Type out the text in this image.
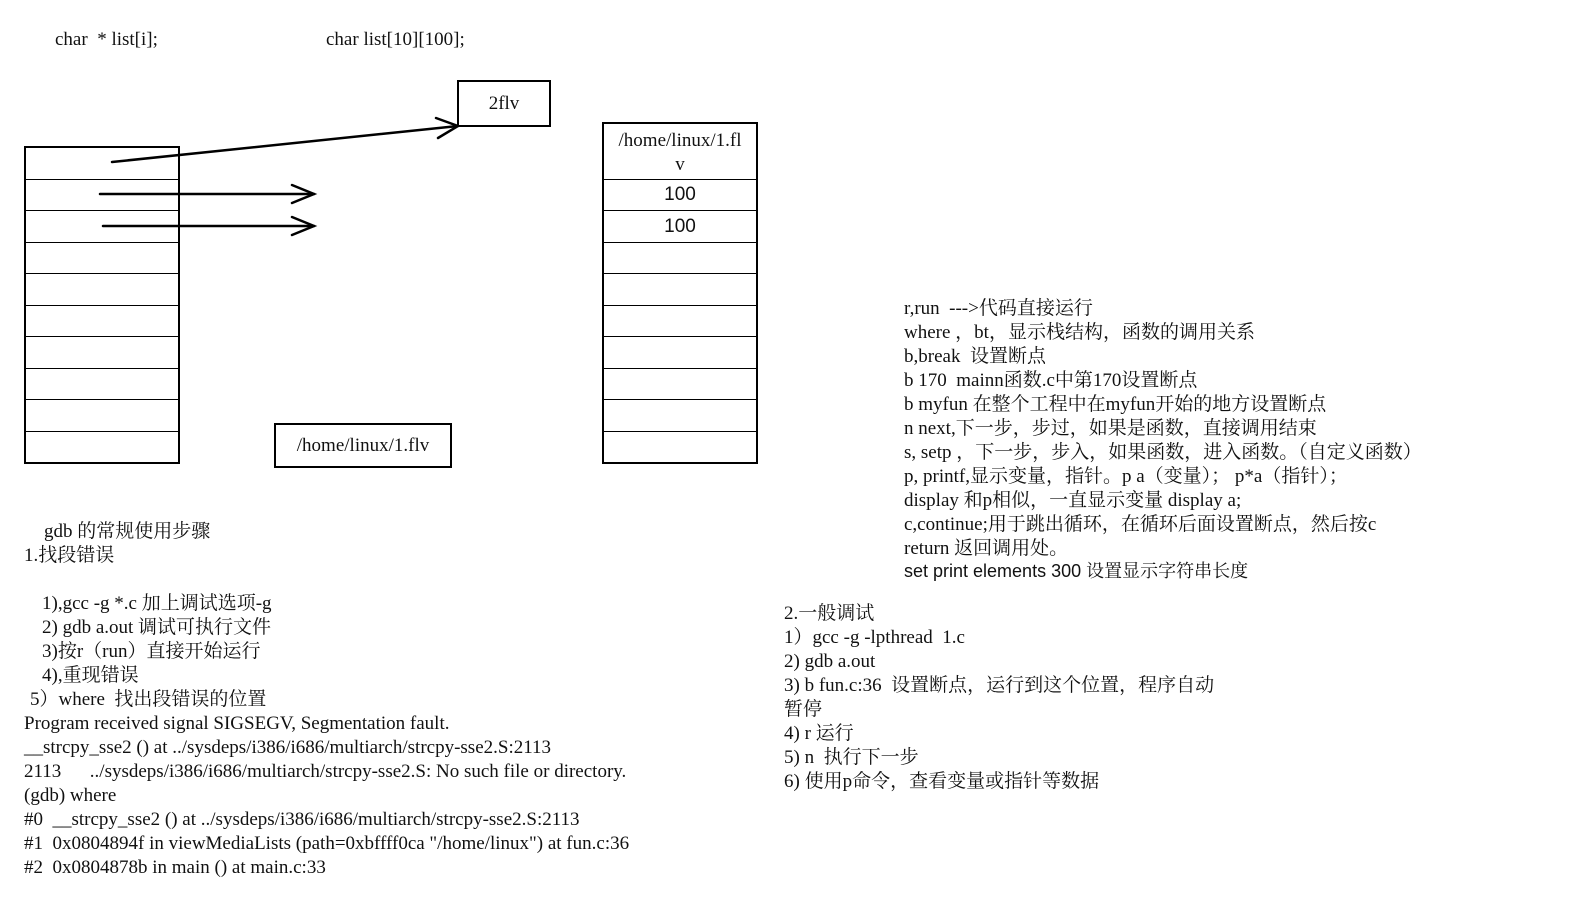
char  * list[i];	char list[10][100];
2flv
/home/linux/1.flv
/home/linux/1.fl
v
100
100
r,run  --->代码直接运行
where ，bt，显示栈结构，函数的调用关系
b,break  设置断点
b 170  mainn函数.c中第170设置断点
b myfun 在整个工程中在myfun开始的地方设置断点
n next,下一步，步过，如果是函数，直接调用结束
s, setp ，下一步，步入，如果函数，进入函数。（自定义函数）
p, printf,显示变量，指针。p a（变量）； p*a（指针）；
display 和p相似，一直显示变量 display a;
c,continue;用于跳出循环，在循环后面设置断点，然后按c
return 返回调用处。
set print elements 300 设置显示字符串长度
2.一般调试
1）gcc -g -lpthread  1.c
2) gdb a.out
3) b fun.c:36  设置断点，运行到这个位置，程序自动
暂停
4) r 运行
5) n  执行下一步
6) 使用p命令，查看变量或指针等数据
gdb 的常规使用步骤
1.找段错误
1),gcc -g *.c 加上调试选项-g
2) gdb a.out 调试可执行文件
3)按r（run）直接开始运行
4),重现错误
5）where  找出段错误的位置
Program received signal SIGSEGV, Segmentation fault.
__strcpy_sse2 () at ../sysdeps/i386/i686/multiarch/strcpy-sse2.S:2113
2113      ../sysdeps/i386/i686/multiarch/strcpy-sse2.S: No such file or directory.
(gdb) where
#0  __strcpy_sse2 () at ../sysdeps/i386/i686/multiarch/strcpy-sse2.S:2113
#1  0x0804894f in viewMediaLists (path=0xbffff0ca "/home/linux") at fun.c:36
#2  0x0804878b in main () at main.c:33
